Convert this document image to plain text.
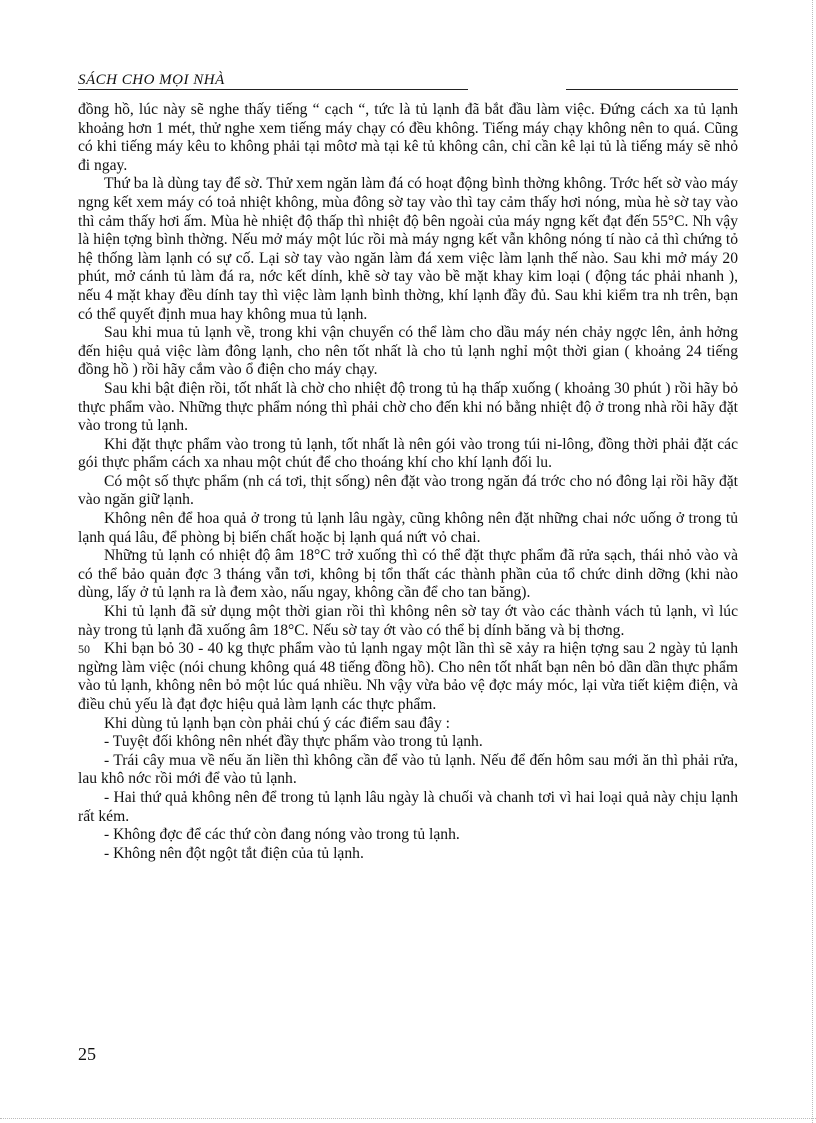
SÁCH CHO MỌI NHÀ

đồng hồ, lúc này sẽ nghe thấy tiếng “ cạch “, tức là tủ lạnh đã bắt đầu làm việc. Đứng cách xa tủ lạnh khoảng hơn 1 mét, thử nghe xem tiếng máy chạy có đều không. Tiếng máy chạy không nên to quá. Cũng có khi tiếng máy kêu to không phải tại môtơ mà tại kê tủ không cân, chỉ cần kê lại tủ là tiếng máy sẽ nhỏ đi ngay.

Thứ ba là dùng tay để sờ. Thử xem ngăn làm đá có hoạt động bình thờng không. Trớc hết sờ vào máy ngng kết xem máy có toả nhiệt không, mùa đông sờ tay vào thì tay cảm thấy hơi nóng, mùa hè sờ tay vào thì cảm thấy hơi ấm. Mùa hè nhiệt độ thấp thì nhiệt độ bên ngoài của máy ngng kết đạt đến 55°C. Nh vậy là hiện tợng bình thờng. Nếu mở máy một lúc rồi mà máy ngng kết vẫn không nóng tí nào cả thì chứng tỏ hệ thống làm lạnh có sự cố. Lại sờ tay vào ngăn làm đá xem việc làm lạnh thế nào. Sau khi mở máy 20 phút, mở cánh tủ làm đá ra, nớc kết dính, khẽ sờ tay vào bề mặt khay kim loại ( động tác phải nhanh ), nếu 4 mặt khay đều dính tay thì việc làm lạnh bình thờng, khí lạnh đầy đủ. Sau khi kiểm tra nh trên, bạn có thể quyết định mua hay không mua tủ lạnh.

Sau khi mua tủ lạnh về, trong khi vận chuyển có thể làm cho dầu máy nén chảy ngợc lên, ảnh hởng đến hiệu quả việc làm đông lạnh, cho nên tốt nhất là cho tủ lạnh nghỉ một thời gian ( khoảng 24 tiếng đồng hồ ) rồi hãy cắm vào ổ điện cho máy chạy.

Sau khi bật điện rồi, tốt nhất là chờ cho nhiệt độ trong tủ hạ thấp xuống ( khoảng 30 phút ) rồi hãy bỏ thực phẩm vào. Những thực phẩm nóng thì phải chờ cho đến khi nó bằng nhiệt độ ở trong nhà rồi hãy đặt vào trong tủ lạnh.

Khi đặt thực phẩm vào trong tủ lạnh, tốt nhất là nên gói vào trong túi ni-lông, đồng thời phải đặt các gói thực phẩm cách xa nhau một chút để cho thoáng khí cho khí lạnh đối lu.

Có một số thực phẩm (nh cá tơi, thịt sống) nên đặt vào trong ngăn đá trớc cho nó đông lại rồi hãy đặt vào ngăn giữ lạnh.

Không nên để hoa quả ở trong tủ lạnh lâu ngày, cũng không nên đặt những chai nớc uống ở trong tủ lạnh quá lâu, để phòng bị biến chất hoặc bị lạnh quá nứt vỏ chai.

Những tủ lạnh có nhiệt độ âm 18°C trở xuống thì có thể đặt thực phẩm đã rửa sạch, thái nhỏ vào và có thể bảo quản đợc 3 tháng vẫn tơi, không bị tổn thất các thành phần của tổ chức dinh dỡng (khi nào dùng, lấy ở tủ lạnh ra là đem xào, nấu ngay, không cần để cho tan băng).

Khi tủ lạnh đã sử dụng một thời gian rồi thì không nên sờ tay ớt vào các thành vách tủ lạnh, vì lúc này trong tủ lạnh đã xuống âm 18°C. Nếu sờ tay ớt vào có thể bị dính băng và bị thơng.

Khi bạn bỏ 30 - 40 kg thực phẩm vào tủ lạnh ngay một lần thì sẽ xảy ra hiện tợng sau 2 ngày tủ lạnh ngừng làm việc (nói chung không quá 48 tiếng đồng hồ). Cho nên tốt nhất bạn nên bỏ dần dần thực phẩm vào tủ lạnh, không nên bỏ một lúc quá nhiều. Nh vậy vừa bảo vệ đợc máy móc, lại vừa tiết kiệm điện, và điều chủ yếu là đạt đợc hiệu quả làm lạnh các thực phẩm.

Khi dùng tủ lạnh bạn còn phải chú ý các điểm sau đây :

- Tuyệt đối không nên nhét đầy thực phẩm vào trong tủ lạnh.

- Trái cây mua về nếu ăn liền thì không cần để vào tủ lạnh. Nếu để đến hôm sau mới ăn thì phải rửa, lau khô nớc rồi mới để vào tủ lạnh.

- Hai thứ quả không nên để trong tủ lạnh lâu ngày là chuối và chanh tơi vì hai loại quả này chịu lạnh rất kém.

- Không đợc để các thứ còn đang nóng vào trong tủ lạnh.

- Không nên đột ngột tắt điện của tủ lạnh.

50
25
